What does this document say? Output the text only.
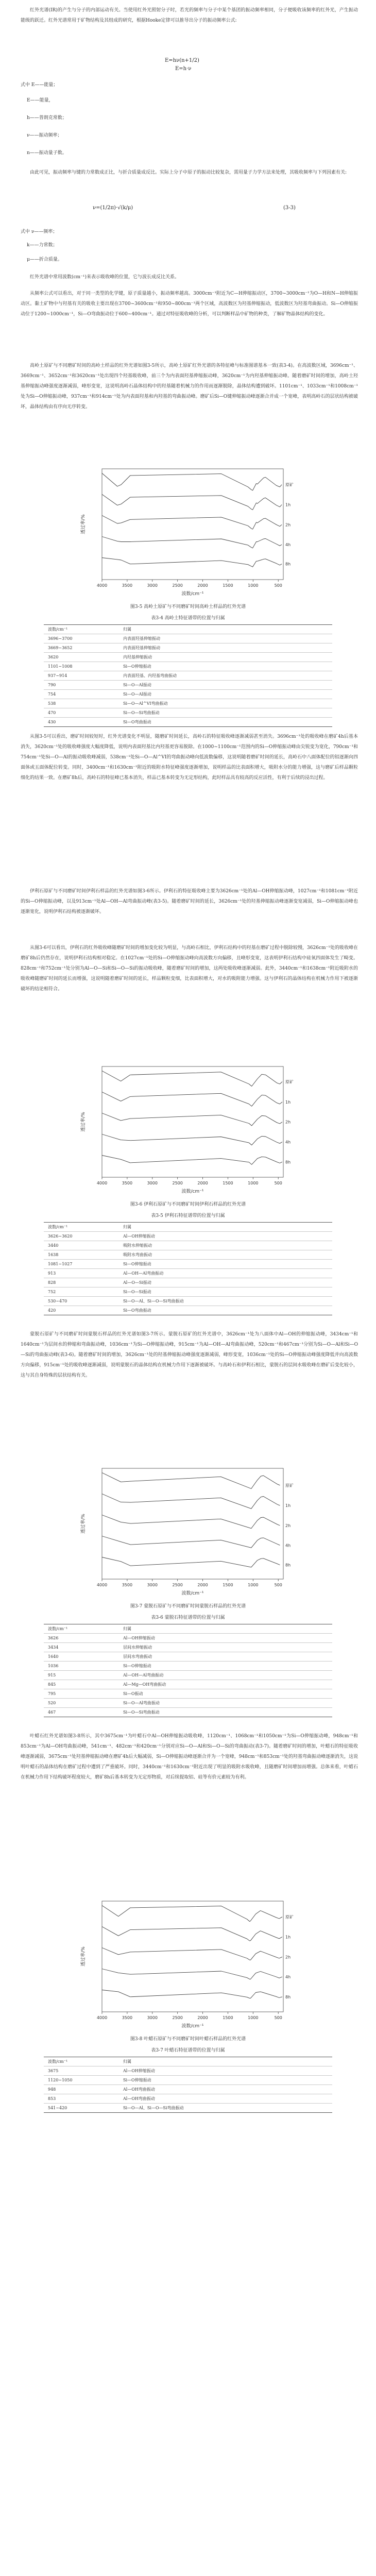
红外光谱(IR)的产生与分子的内部运动有关。当使用红外光照射分子时，若光的频率与分子中某个基团的振动频率相同，分子便吸收该频率的红外光，产生振动能级的跃迁。红外光谱常用于矿物结构及其组成的研究，根据Hooke定律可以推导出分子的振动频率公式:
E=hν(n+1/2)
E=h·ν
式中 E——能量；
E——能量，
h——普朗克常数；
ν——振动频率；
n——振动量子数。
由此可见，振动频率与键的力常数成正比，与折合质量成反比。实际上分子中原子的振动比较复杂，需用量子力学方法来处理，其吸收频率与下列因素有关:
ν=(1/2π)·√(k/μ)	(3-3)
式中 ν——频率；
k——力常数；
μ——折合质量。
红外光谱中常用波数(cm⁻¹)来表示吸收峰的位置，它与波长成反比关系。
从频率公式可以看出，对于同一类型的化学键，原子质量越小，振动频率越高。3000cm⁻¹附近为C—H伸缩振动区，3700~3000cm⁻¹为O—H和N—H伸缩振动区。黏土矿物中与羟基有关的吸收主要出现在3700~3600cm⁻¹和950~800cm⁻¹两个区域，高波数区为羟基伸缩振动，低波数区为羟基弯曲振动。Si—O伸缩振动位于1200~1000cm⁻¹，Si—O弯曲振动位于600~400cm⁻¹。通过对特征吸收峰的分析，可以判断样品中矿物的种类，了解矿物晶体结构的变化。
高岭土原矿与不同磨矿时间的高岭土样品的红外光谱如图3-5所示，高岭土原矿红外光谱的各特征峰与标准图谱基本一致(表3-4)。在高波数区域，3696cm⁻¹、3669cm⁻¹、3652cm⁻¹和3620cm⁻¹处出现四个羟基吸收峰，前三个为内表面羟基伸缩振动峰，3620cm⁻¹为内羟基伸缩振动峰。随着磨矿时间的增加，高岭土羟基伸缩振动峰强度逐渐减弱，峰形变宽，这说明高岭石晶体结构中的羟基随着机械力的作用而逐渐脱除，晶体结构遭到破坏。1101cm⁻¹、1033cm⁻¹和1008cm⁻¹处为Si—O伸缩振动峰，937cm⁻¹和914cm⁻¹处为内表面羟基和内羟基的弯曲振动峰。磨矿后Si—O键伸缩振动峰逐渐合并成一个宽峰，表明高岭石的层状结构被破坏，晶体结构由有序向无序转变。
4000	3500	3000	2500	2000	1500	1000	500
波数/cm⁻¹
透过率/%
原矿
1h
2h
4h
8h
图3-5 高岭土原矿与不同磨矿时间高岭土样品的红外光谱
表3-4 高岭土特征谱带的位置与归属
波数/cm⁻¹	归属
3696~3700	内表面羟基伸缩振动
3669~3652	内表面羟基伸缩振动
3620	内羟基伸缩振动
1101~1008	Si—O伸缩振动
937~914	内表面羟基、内羟基弯曲振动
790	Si—O—Al振动
754	Si—O—Al振动
538	Si—O—Al^VI弯曲振动
470	Si—O—Si弯曲振动
430	Si—O弯曲振动
从图3-5可以看出，磨矿时间较短时，红外光谱变化不明显，随磨矿时间延长，高岭石的特征吸收峰逐渐减弱甚至消失。3696cm⁻¹处的吸收峰在磨矿4h后基本消失，3620cm⁻¹处的吸收峰强度大幅度降低，说明内表面羟基比内羟基更容易脱除。在1000~1100cm⁻¹范围内的Si—O伸缩振动峰由尖锐变为宽化，790cm⁻¹和754cm⁻¹处Si—O—Al的振动吸收峰减弱，538cm⁻¹处Si—O—Al^VI的弯曲振动峰向低波数偏移，这说明随着磨矿时间的延长，高岭石中八面体配位的铝逐渐向四面体或五面体配位转变。同时，3400cm⁻¹和1630cm⁻¹附近的吸附水特征峰强度逐渐增加，说明样品的比表面积增大，吸附水分的能力增强，这与磨矿后样品颗粒细化的结果一致。在磨矿8h后，高岭石的特征峰已基本消失，样品已基本转变为无定形结构，此时样品具有较高的反应活性，有利于后续的浸出过程。
伊利石原矿与不同磨矿时间伊利石样品的红外光谱如图3-6所示。伊利石的特征吸收峰主要为3626cm⁻¹处的Al—OH伸缩振动峰，1027cm⁻¹和1081cm⁻¹附近的Si—O伸缩振动峰，以及913cm⁻¹处Al—OH—Al弯曲振动峰(表3-5)。随着磨矿时间的延长，3626cm⁻¹处的羟基伸缩振动峰逐渐变宽减弱，Si—O伸缩振动峰也逐渐宽化，说明伊利石结构被逐渐破坏。
从图3-6可以看出，伊利石的红外吸收峰随磨矿时间的增加变化较为明显，与高岭石相比，伊利石结构中的羟基在磨矿过程中脱除较慢，3626cm⁻¹处的吸收峰在磨矿8h后仍然存在，说明伊利石结构相对稳定。在1027cm⁻¹处的Si—O伸缩振动峰向高波数方向偏移，且峰形变宽，这表明伊利石结构中硅氧四面体发生了畸变。828cm⁻¹和752cm⁻¹处分别为Al—O—Si和Si—O—Si的振动吸收峰，随着磨矿时间的增加，这两处吸收峰逐渐减弱。此外，3440cm⁻¹和1638cm⁻¹附近吸附水的吸收峰随磨矿时间的延长而增强，这说明随着磨矿时间的延长，样品颗粒变细，比表面积增大，对水的吸附能力增强。这与伊利石的晶体结构在机械力作用下被逐渐破坏的结论相符合。
4000	3500	3000	2500	2000	1500	1000	500
波数/cm⁻¹
透过率/%
原矿
1h
2h
4h
8h
图3-6 伊利石原矿与不同磨矿时间伊利石样品的红外光谱
表3-5 伊利石特征谱带的位置与归属
波数/cm⁻¹	归属
3626~3620	Al—OH伸缩振动
3440	吸附水伸缩振动
1638	吸附水弯曲振动
1081~1027	Si—O伸缩振动
913	Al—OH—Al弯曲振动
828	Al—O—Si振动
752	Si—O—Si振动
530~470	Si—O—Al、Si—O—Si弯曲振动
420	Si—O弯曲振动
蒙脱石原矿与不同磨矿时间蒙脱石样品的红外光谱如图3-7所示。蒙脱石原矿的红外光谱中，3626cm⁻¹处为八面体中Al—OH的伸缩振动峰，3434cm⁻¹和1640cm⁻¹为层间水的伸缩和弯曲振动峰，1036cm⁻¹为Si—O伸缩振动峰，915cm⁻¹为Al—OH—Al弯曲振动峰，520cm⁻¹和467cm⁻¹分别为Si—O—Al和Si—O—Si的弯曲振动峰(表3-6)。随着磨矿时间的增加，3626cm⁻¹处的羟基伸缩振动峰强度逐渐减弱，峰形变宽，1036cm⁻¹处的Si—O伸缩振动峰强度降低并向高波数方向偏移，915cm⁻¹处的吸收峰逐渐减弱，说明蒙脱石的晶体结构在机械力作用下逐渐被破坏。与高岭石和伊利石相比，蒙脱石的层间水吸收峰在磨矿后变化较小，这与其自身特殊的层状结构有关。
4000	3500	3000	2500	2000	1500	1000	500
波数/cm⁻¹
透过率/%
原矿
1h
2h
4h
8h
图3-7 蒙脱石原矿与不同磨矿时间蒙脱石样品的红外光谱
表3-6 蒙脱石特征谱带的位置与归属
波数/cm⁻¹	归属
3626	Al—OH伸缩振动
3434	层间水伸缩振动
1640	层间水弯曲振动
1036	Si—O伸缩振动
915	Al—OH—Al弯曲振动
845	Al—Mg—OH弯曲振动
795	Si—O振动
520	Si—O—Al弯曲振动
467	Si—O—Si弯曲振动
叶蜡石红外光谱如图3-8所示，其中3675cm⁻¹为叶蜡石中Al—OH伸缩振动吸收峰，1120cm⁻¹、1068cm⁻¹和1050cm⁻¹为Si—O伸缩振动峰，948cm⁻¹和853cm⁻¹为Al—OH弯曲振动峰，541cm⁻¹、482cm⁻¹和420cm⁻¹分别对应Si—O—Al和Si—O—Si的弯曲振动(表3-7)。随着磨矿时间的增加，叶蜡石的特征吸收峰逐渐减弱，3675cm⁻¹处羟基伸缩振动峰在磨矿4h后大幅减弱，Si—O伸缩振动峰逐渐合并为一个宽峰，948cm⁻¹和853cm⁻¹处的羟基弯曲振动峰逐渐消失，这说明叶蜡石的晶体结构在磨矿过程中遭到了严重破坏。同时，3440cm⁻¹和1630cm⁻¹附近出现了明显的吸附水吸收峰，且随磨矿时间增加而增强。总体来看，叶蜡石在机械力作用下结构破坏程度较大，磨矿8h后基本转变为无定形物质，对后续提取铝、硅等有价元素较为有利。
4000	3500	3000	2500	2000	1500	1000	500
波数/cm⁻¹
透过率/%
原矿
1h
2h
4h
8h
图3-8 叶蜡石原矿与不同磨矿时间叶蜡石样品的红外光谱
表3-7 叶蜡石特征谱带的位置与归属
波数/cm⁻¹	归属
3675	Al—OH伸缩振动
1120~1050	Si—O伸缩振动
948	Al—OH弯曲振动
853	Al—OH弯曲振动
541~420	Si—O—Al、Si—O—Si弯曲振动
